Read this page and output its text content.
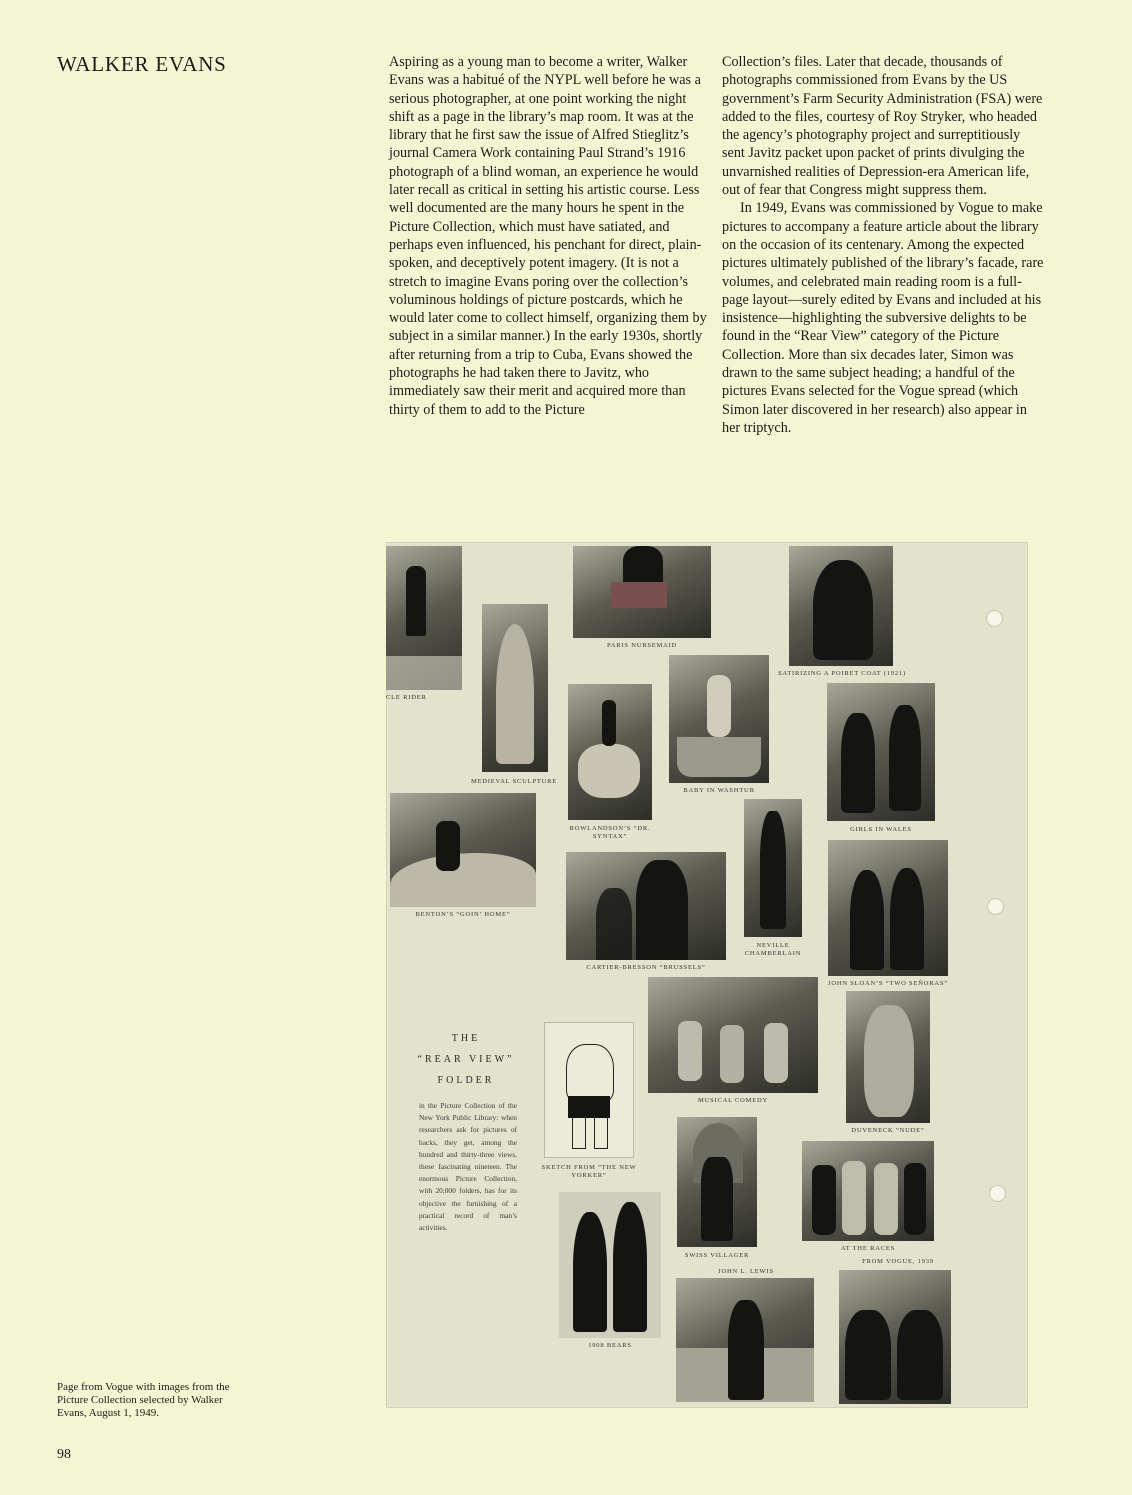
WALKER EVANS	Aspiring as a young man to become a writer, Walker Evans was a habitué of the NYPL well before he was a serious photographer, at one point working the night shift as a page in the library’s map room. It was at the library that he first saw the issue of Alfred Stieglitz’s journal Camera Work containing Paul Strand’s 1916 photograph of a blind woman, an experience he would later recall as critical in setting his artistic course. Less well documented are the many hours he spent in the Picture Collection, which must have satiated, and perhaps even influenced, his penchant for direct, plain-spoken, and deceptively potent imagery. (It is not a stretch to imagine Evans poring over the collection’s voluminous holdings of picture postcards, which he would later come to collect himself, organizing them by subject in a similar manner.) In the early 1930s, shortly after returning from a trip to Cuba, Evans showed the photographs he had taken there to Javitz, who immediately saw their merit and acquired more than thirty of them to add to the Picture

Collection’s files. Later that decade, thousands of photographs commissioned from Evans by the US government’s Farm Security Administration (FSA) were added to the files, courtesy of Roy Stryker, who headed the agency’s photography project and surreptitiously sent Javitz packet upon packet of prints divulging the unvarnished realities of Depression-era American life, out of fear that Congress might suppress them.

In 1949, Evans was commissioned by Vogue to make pictures to accompany a feature article about the library on the occasion of its centenary. Among the expected pictures ultimately published of the library’s facade, rare volumes, and celebrated main reading room is a full-page layout—surely edited by Evans and included at his insistence—highlighting the subversive delights to be found in the “Rear View” category of the Picture Collection. More than six decades later, Simon was drawn to the same subject heading; a handful of the pictures Evans selected for the Vogue spread (which Simon later discovered in her research) also appear in her triptych.

CLE RIDER
PARIS NURSEMAID
SATIRIZING A POIRET COAT (1921)
MEDIEVAL SCULPTURE
BABY IN WASHTUB
GIRLS IN WALES
ROWLANDSON’S “DR. SYNTAX”
BENTON’S “GOIN’ HOME”
NEVILLE CHAMBERLAIN
CARTIER-BRESSON “BRUSSELS”
JOHN SLOAN’S “TWO SEÑORAS”
MUSICAL COMEDY
DUVENECK “NUDE”
THE
“REAR VIEW”
FOLDER
in the Picture Collection of the New York Public Library: when researchers ask for pictures of backs, they get, among the hundred and thirty-three views, these fascinating nineteen. The enormous Picture Collection, with 20,000 folders, has for its objective the furnishing of a practical record of man’s activities.
SKETCH FROM “THE NEW YORKER”
SWISS VILLAGER
AT THE RACES
FROM VOGUE, 1939
1908 BEARS
JOHN L. LEWIS
Page from Vogue with images from the Picture Collection selected by Walker Evans, August 1, 1949.
98
